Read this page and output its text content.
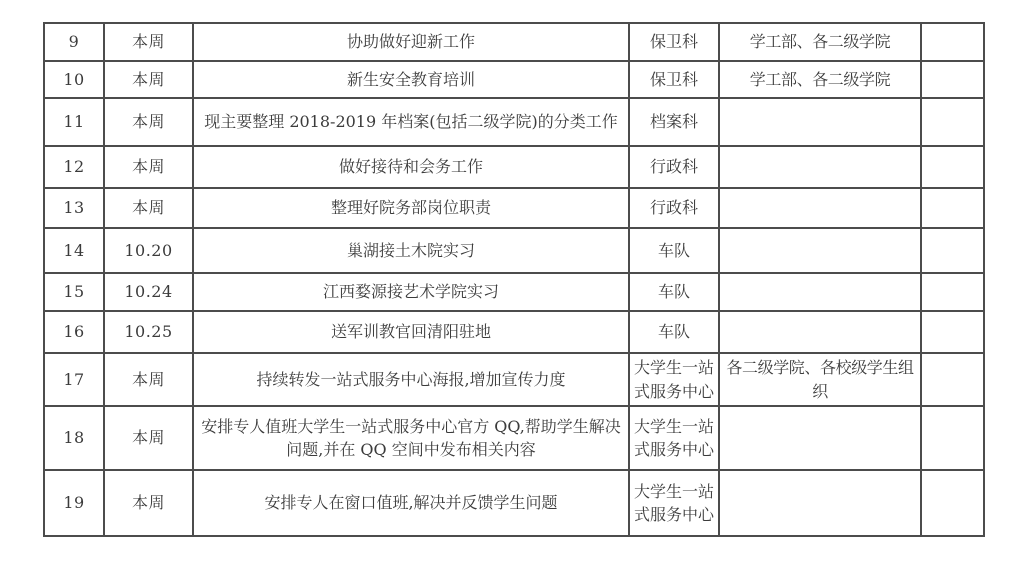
9	本周	协助做好迎新工作	保卫科	学工部、各二级学院	
10	本周	新生安全教育培训	保卫科	学工部、各二级学院	
11	本周	现主要整理 2018-2019 年档案(包括二级学院)的分类工作	档案科		
12	本周	做好接待和会务工作	行政科		
13	本周	整理好院务部岗位职责	行政科		
14	10.20	巢湖接土木院实习	车队		
15	10.24	江西婺源接艺术学院实习	车队		
16	10.25	送军训教官回清阳驻地	车队		
17	本周	持续转发一站式服务中心海报,增加宣传力度	大学生一站式服务中心	各二级学院、各校级学生组织	
18	本周	安排专人值班大学生一站式服务中心官方 QQ,帮助学生解决问题,并在 QQ 空间中发布相关内容	大学生一站式服务中心		
19	本周	安排专人在窗口值班,解决并反馈学生问题	大学生一站式服务中心		
